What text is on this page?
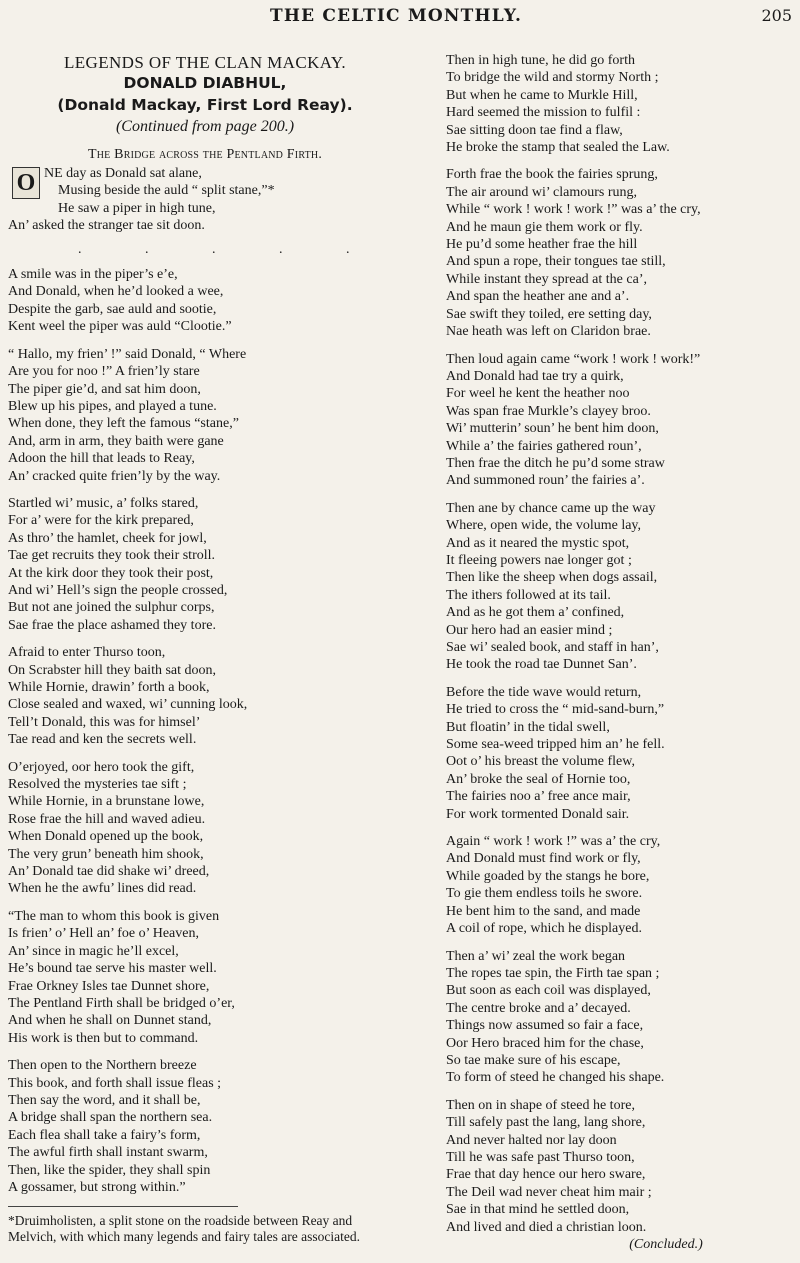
THE CELTIC MONTHLY.	205
LEGENDS OF THE CLAN MACKAY.
DONALD DIABHUL,
(Donald Mackay, First Lord Reay).
(Continued from page 200.)
The Bridge across the Pentland Firth.
O NE day as Donald sat alane,
Musing beside the auld “ split stane,”*
He saw a piper in high tune,
An’ asked the stranger tae sit doon.
. . . . .
A smile was in the piper’s e’e,
And Donald, when he’d looked a wee,
Despite the garb, sae auld and sootie,
Kent weel the piper was auld “Clootie.”
“ Hallo, my frien’ !” said Donald, “ Where
Are you for noo !” A frien’ly stare
The piper gie’d, and sat him doon,
Blew up his pipes, and played a tune.
When done, they left the famous “stane,”
And, arm in arm, they baith were gane
Adoon the hill that leads to Reay,
An’ cracked quite frien’ly by the way.
Startled wi’ music, a’ folks stared,
For a’ were for the kirk prepared,
As thro’ the hamlet, cheek for jowl,
Tae get recruits they took their stroll.
At the kirk door they took their post,
And wi’ Hell’s sign the people crossed,
But not ane joined the sulphur corps,
Sae frae the place ashamed they tore.
Afraid to enter Thurso toon,
On Scrabster hill they baith sat doon,
While Hornie, drawin’ forth a book,
Close sealed and waxed, wi’ cunning look,
Tell’t Donald, this was for himsel’
Tae read and ken the secrets well.
O’erjoyed, oor hero took the gift,
Resolved the mysteries tae sift ;
While Hornie, in a brunstane lowe,
Rose frae the hill and waved adieu.
When Donald opened up the book,
The very grun’ beneath him shook,
An’ Donald tae did shake wi’ dreed,
When he the awfu’ lines did read.
“The man to whom this book is given
Is frien’ o’ Hell an’ foe o’ Heaven,
An’ since in magic he’ll excel,
He’s bound tae serve his master well.
Frae Orkney Isles tae Dunnet shore,
The Pentland Firth shall be bridged o’er,
And when he shall on Dunnet stand,
His work is then but to command.
Then open to the Northern breeze
This book, and forth shall issue fleas ;
Then say the word, and it shall be,
A bridge shall span the northern sea.
Each flea shall take a fairy’s form,
The awful firth shall instant swarm,
Then, like the spider, they shall spin
A gossamer, but strong within.”
*Druimholisten, a split stone on the roadside between Reay and Melvich, with which many legends and fairy tales are associated.
Then in high tune, he did go forth
To bridge the wild and stormy North ;
But when he came to Murkle Hill,
Hard seemed the mission to fulfil :
Sae sitting doon tae find a flaw,
He broke the stamp that sealed the Law.
Forth frae the book the fairies sprung,
The air around wi’ clamours rung,
While “ work ! work ! work !” was a’ the cry,
And he maun gie them work or fly.
He pu’d some heather frae the hill
And spun a rope, their tongues tae still,
While instant they spread at the ca’,
And span the heather ane and a’.
Sae swift they toiled, ere setting day,
Nae heath was left on Claridon brae.
Then loud again came “work ! work ! work!”
And Donald had tae try a quirk,
For weel he kent the heather noo
Was span frae Murkle’s clayey broo.
Wi’ mutterin’ soun’ he bent him doon,
While a’ the fairies gathered roun’,
Then frae the ditch he pu’d some straw
And summoned roun’ the fairies a’.
Then ane by chance came up the way
Where, open wide, the volume lay,
And as it neared the mystic spot,
It fleeing powers nae longer got ;
Then like the sheep when dogs assail,
The ithers followed at its tail.
And as he got them a’ confined,
Our hero had an easier mind ;
Sae wi’ sealed book, and staff in han’,
He took the road tae Dunnet San’.
Before the tide wave would return,
He tried to cross the “ mid-sand-burn,”
But floatin’ in the tidal swell,
Some sea-weed tripped him an’ he fell.
Oot o’ his breast the volume flew,
An’ broke the seal of Hornie too,
The fairies noo a’ free ance mair,
For work tormented Donald sair.
Again “ work ! work !” was a’ the cry,
And Donald must find work or fly,
While goaded by the stangs he bore,
To gie them endless toils he swore.
He bent him to the sand, and made
A coil of rope, which he displayed.
Then a’ wi’ zeal the work began
The ropes tae spin, the Firth tae span ;
But soon as each coil was displayed,
The centre broke and a’ decayed.
Things now assumed so fair a face,
Oor Hero braced him for the chase,
So tae make sure of his escape,
To form of steed he changed his shape.
Then on in shape of steed he tore,
Till safely past the lang, lang shore,
And never halted nor lay doon
Till he was safe past Thurso toon,
Frae that day hence our hero sware,
The Deil wad never cheat him mair ;
Sae in that mind he settled doon,
And lived and died a christian loon.
(Concluded.)
